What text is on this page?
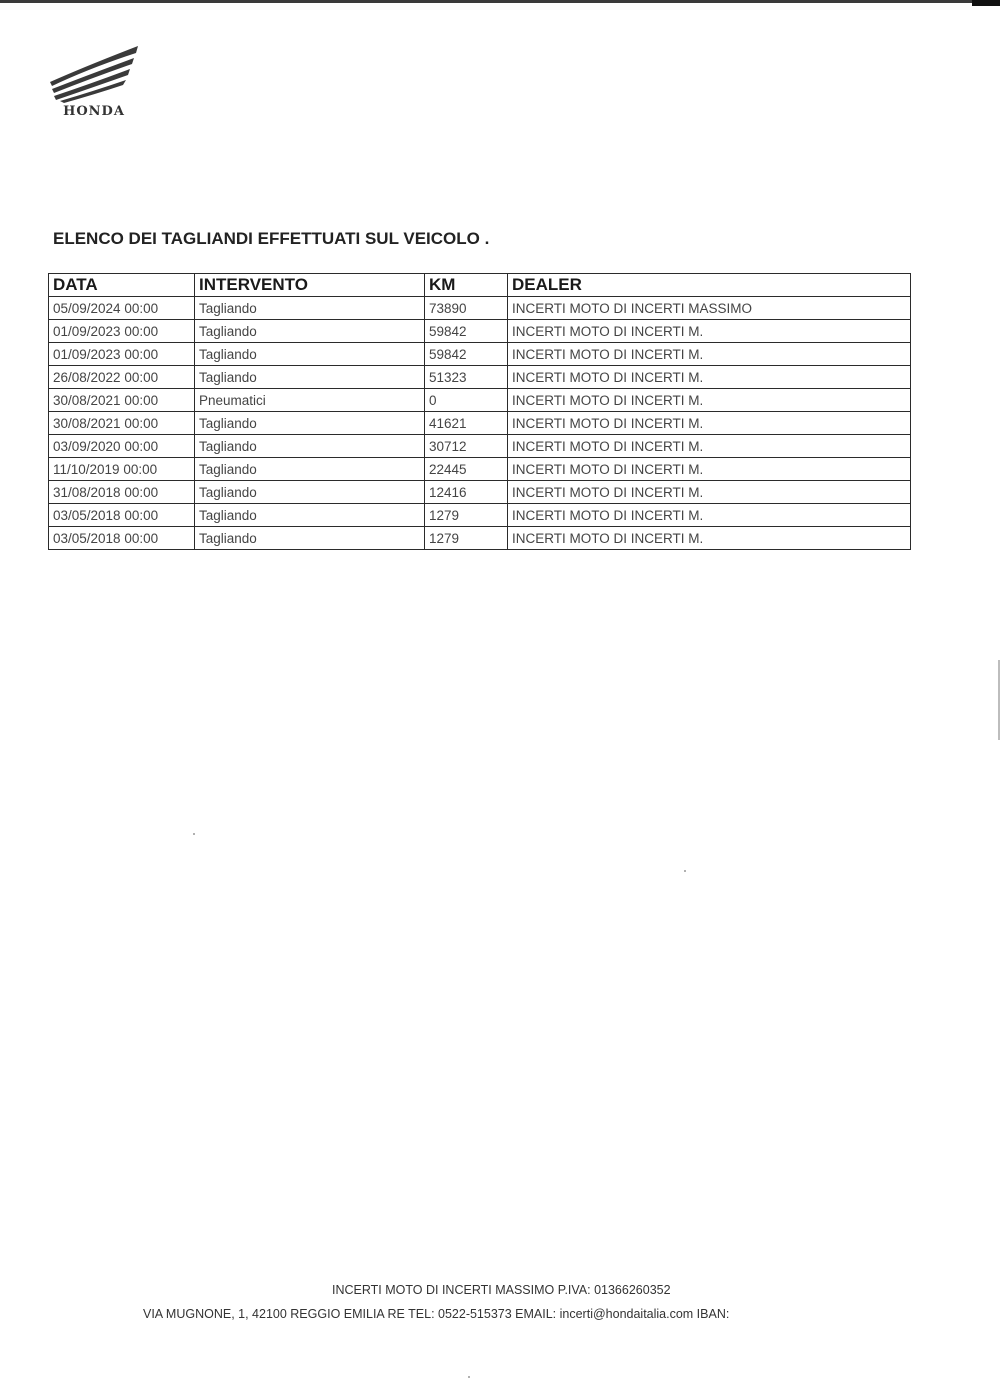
HONDA
ELENCO DEI TAGLIANDI EFFETTUATI SUL VEICOLO .
DATA	INTERVENTO	KM	DEALER
05/09/2024 00:00	Tagliando	73890	INCERTI MOTO DI INCERTI MASSIMO
01/09/2023 00:00	Tagliando	59842	INCERTI MOTO DI INCERTI M.
01/09/2023 00:00	Tagliando	59842	INCERTI MOTO DI INCERTI M.
26/08/2022 00:00	Tagliando	51323	INCERTI MOTO DI INCERTI M.
30/08/2021 00:00	Pneumatici	0	INCERTI MOTO DI INCERTI M.
30/08/2021 00:00	Tagliando	41621	INCERTI MOTO DI INCERTI M.
03/09/2020 00:00	Tagliando	30712	INCERTI MOTO DI INCERTI M.
11/10/2019 00:00	Tagliando	22445	INCERTI MOTO DI INCERTI M.
31/08/2018 00:00	Tagliando	12416	INCERTI MOTO DI INCERTI M.
03/05/2018 00:00	Tagliando	1279	INCERTI MOTO DI INCERTI M.
03/05/2018 00:00	Tagliando	1279	INCERTI MOTO DI INCERTI M.
INCERTI MOTO DI INCERTI MASSIMO P.IVA: 01366260352
VIA MUGNONE, 1, 42100 REGGIO EMILIA RE TEL: 0522-515373 EMAIL: incerti@hondaitalia.com IBAN:
